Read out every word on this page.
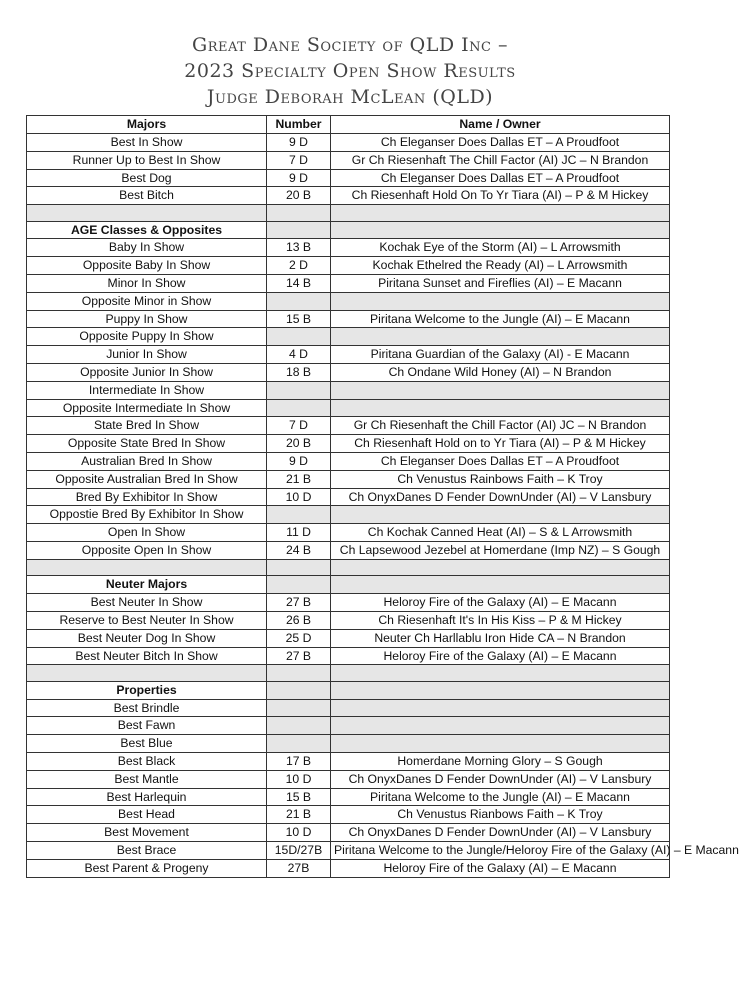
Great Dane Society of QLD Inc –
2023 Specialty Open Show Results
Judge Deborah McLean (QLD)
Majors	Number	Name / Owner
Best In Show	9 D	Ch Eleganser Does Dallas ET – A Proudfoot
Runner Up to Best In Show	7 D	Gr Ch Riesenhaft The Chill Factor (AI) JC – N Brandon
Best Dog	9 D	Ch Eleganser Does Dallas ET – A Proudfoot
Best Bitch	20 B	Ch Riesenhaft Hold On To Yr Tiara (AI) – P & M Hickey

AGE Classes & Opposites		
Baby In Show	13 B	Kochak Eye of the Storm (AI) – L Arrowsmith
Opposite Baby In Show	2 D	Kochak Ethelred the Ready (AI) – L Arrowsmith
Minor In Show	14 B	Piritana Sunset and Fireflies (AI) – E Macann
Opposite Minor in Show		
Puppy In Show	15 B	Piritana Welcome to the Jungle (AI) – E Macann
Opposite Puppy In Show		
Junior In Show	4 D	Piritana Guardian of the Galaxy (AI) - E Macann
Opposite Junior In Show	18 B	Ch Ondane Wild Honey (AI) – N Brandon
Intermediate In Show		
Opposite Intermediate In Show		
State Bred In Show	7 D	Gr Ch Riesenhaft the Chill Factor (AI) JC – N Brandon
Opposite State Bred In Show	20 B	Ch Riesenhaft Hold on to Yr Tiara (AI) – P & M Hickey
Australian Bred In Show	9 D	Ch Eleganser Does Dallas ET – A Proudfoot
Opposite Australian Bred In Show	21 B	Ch Venustus Rainbows Faith – K Troy
Bred By Exhibitor In Show	10 D	Ch OnyxDanes D Fender DownUnder (AI) – V Lansbury
Oppostie Bred By Exhibitor In Show		
Open In Show	11 D	Ch Kochak Canned Heat (AI) – S & L Arrowsmith
Opposite Open In Show	24 B	Ch Lapsewood Jezebel at Homerdane (Imp NZ) – S Gough

Neuter Majors		
Best Neuter In Show	27 B	Heloroy Fire of the Galaxy (AI) – E Macann
Reserve to Best Neuter In Show	26 B	Ch Riesenhaft It's In His Kiss – P & M Hickey
Best Neuter Dog In Show	25 D	Neuter Ch Harllablu Iron Hide CA – N Brandon
Best Neuter Bitch In Show	27 B	Heloroy Fire of the Galaxy (AI) – E Macann

Properties		
Best Brindle		
Best Fawn		
Best Blue		
Best Black	17 B	Homerdane Morning Glory – S Gough
Best Mantle	10 D	Ch OnyxDanes D Fender DownUnder (AI) – V Lansbury
Best Harlequin	15 B	Piritana Welcome to the Jungle (AI) – E Macann
Best Head	21 B	Ch Venustus Rianbows Faith – K Troy
Best Movement	10 D	Ch OnyxDanes D Fender DownUnder (AI) – V Lansbury
Best Brace	15D/27B	Piritana Welcome to the Jungle/Heloroy Fire of the Galaxy (AI) – E Macann
Best Parent & Progeny	27B	Heloroy Fire of the Galaxy (AI) – E Macann
